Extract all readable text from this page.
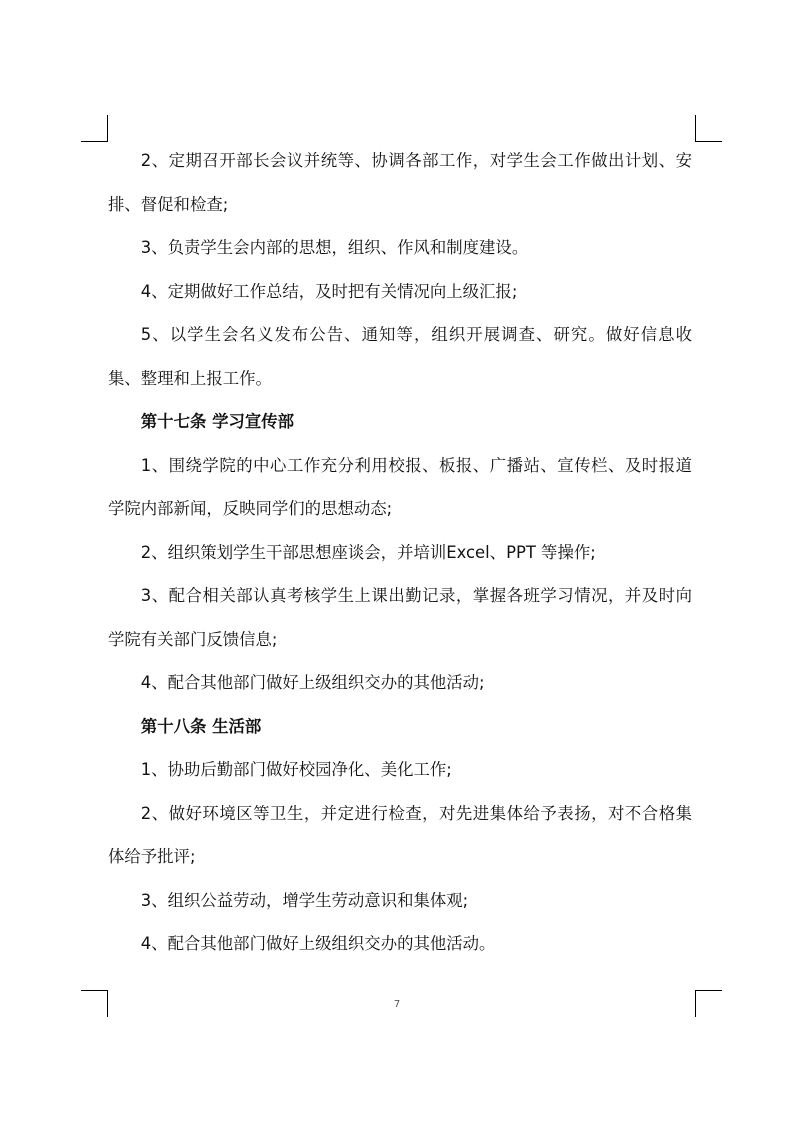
2、定期召开部长会议并统等、协调各部工作，对学生会工作做出计划、安排、督促和检查;

3、负责学生会内部的思想，组织、作风和制度建设。

4、定期做好工作总结，及时把有关情况向上级汇报;

5、以学生会名义发布公告、通知等，组织开展调查、研究。做好信息收集、整理和上报工作。

第十七条 学习宣传部

1、围绕学院的中心工作充分利用校报、板报、广播站、宣传栏、及时报道学院内部新闻，反映同学们的思想动态;

2、组织策划学生干部思想座谈会，并培训Excel、PPT 等操作;

3、配合相关部认真考核学生上课出勤记录，掌握各班学习情况，并及时向学院有关部门反馈信息;

4、配合其他部门做好上级组织交办的其他活动;

第十八条 生活部

1、协助后勤部门做好校园净化、美化工作;

2、做好环境区等卫生，并定进行检查，对先进集体给予表扬，对不合格集体给予批评;

3、组织公益劳动，增学生劳动意识和集体观;

4、配合其他部门做好上级组织交办的其他活动。

7
